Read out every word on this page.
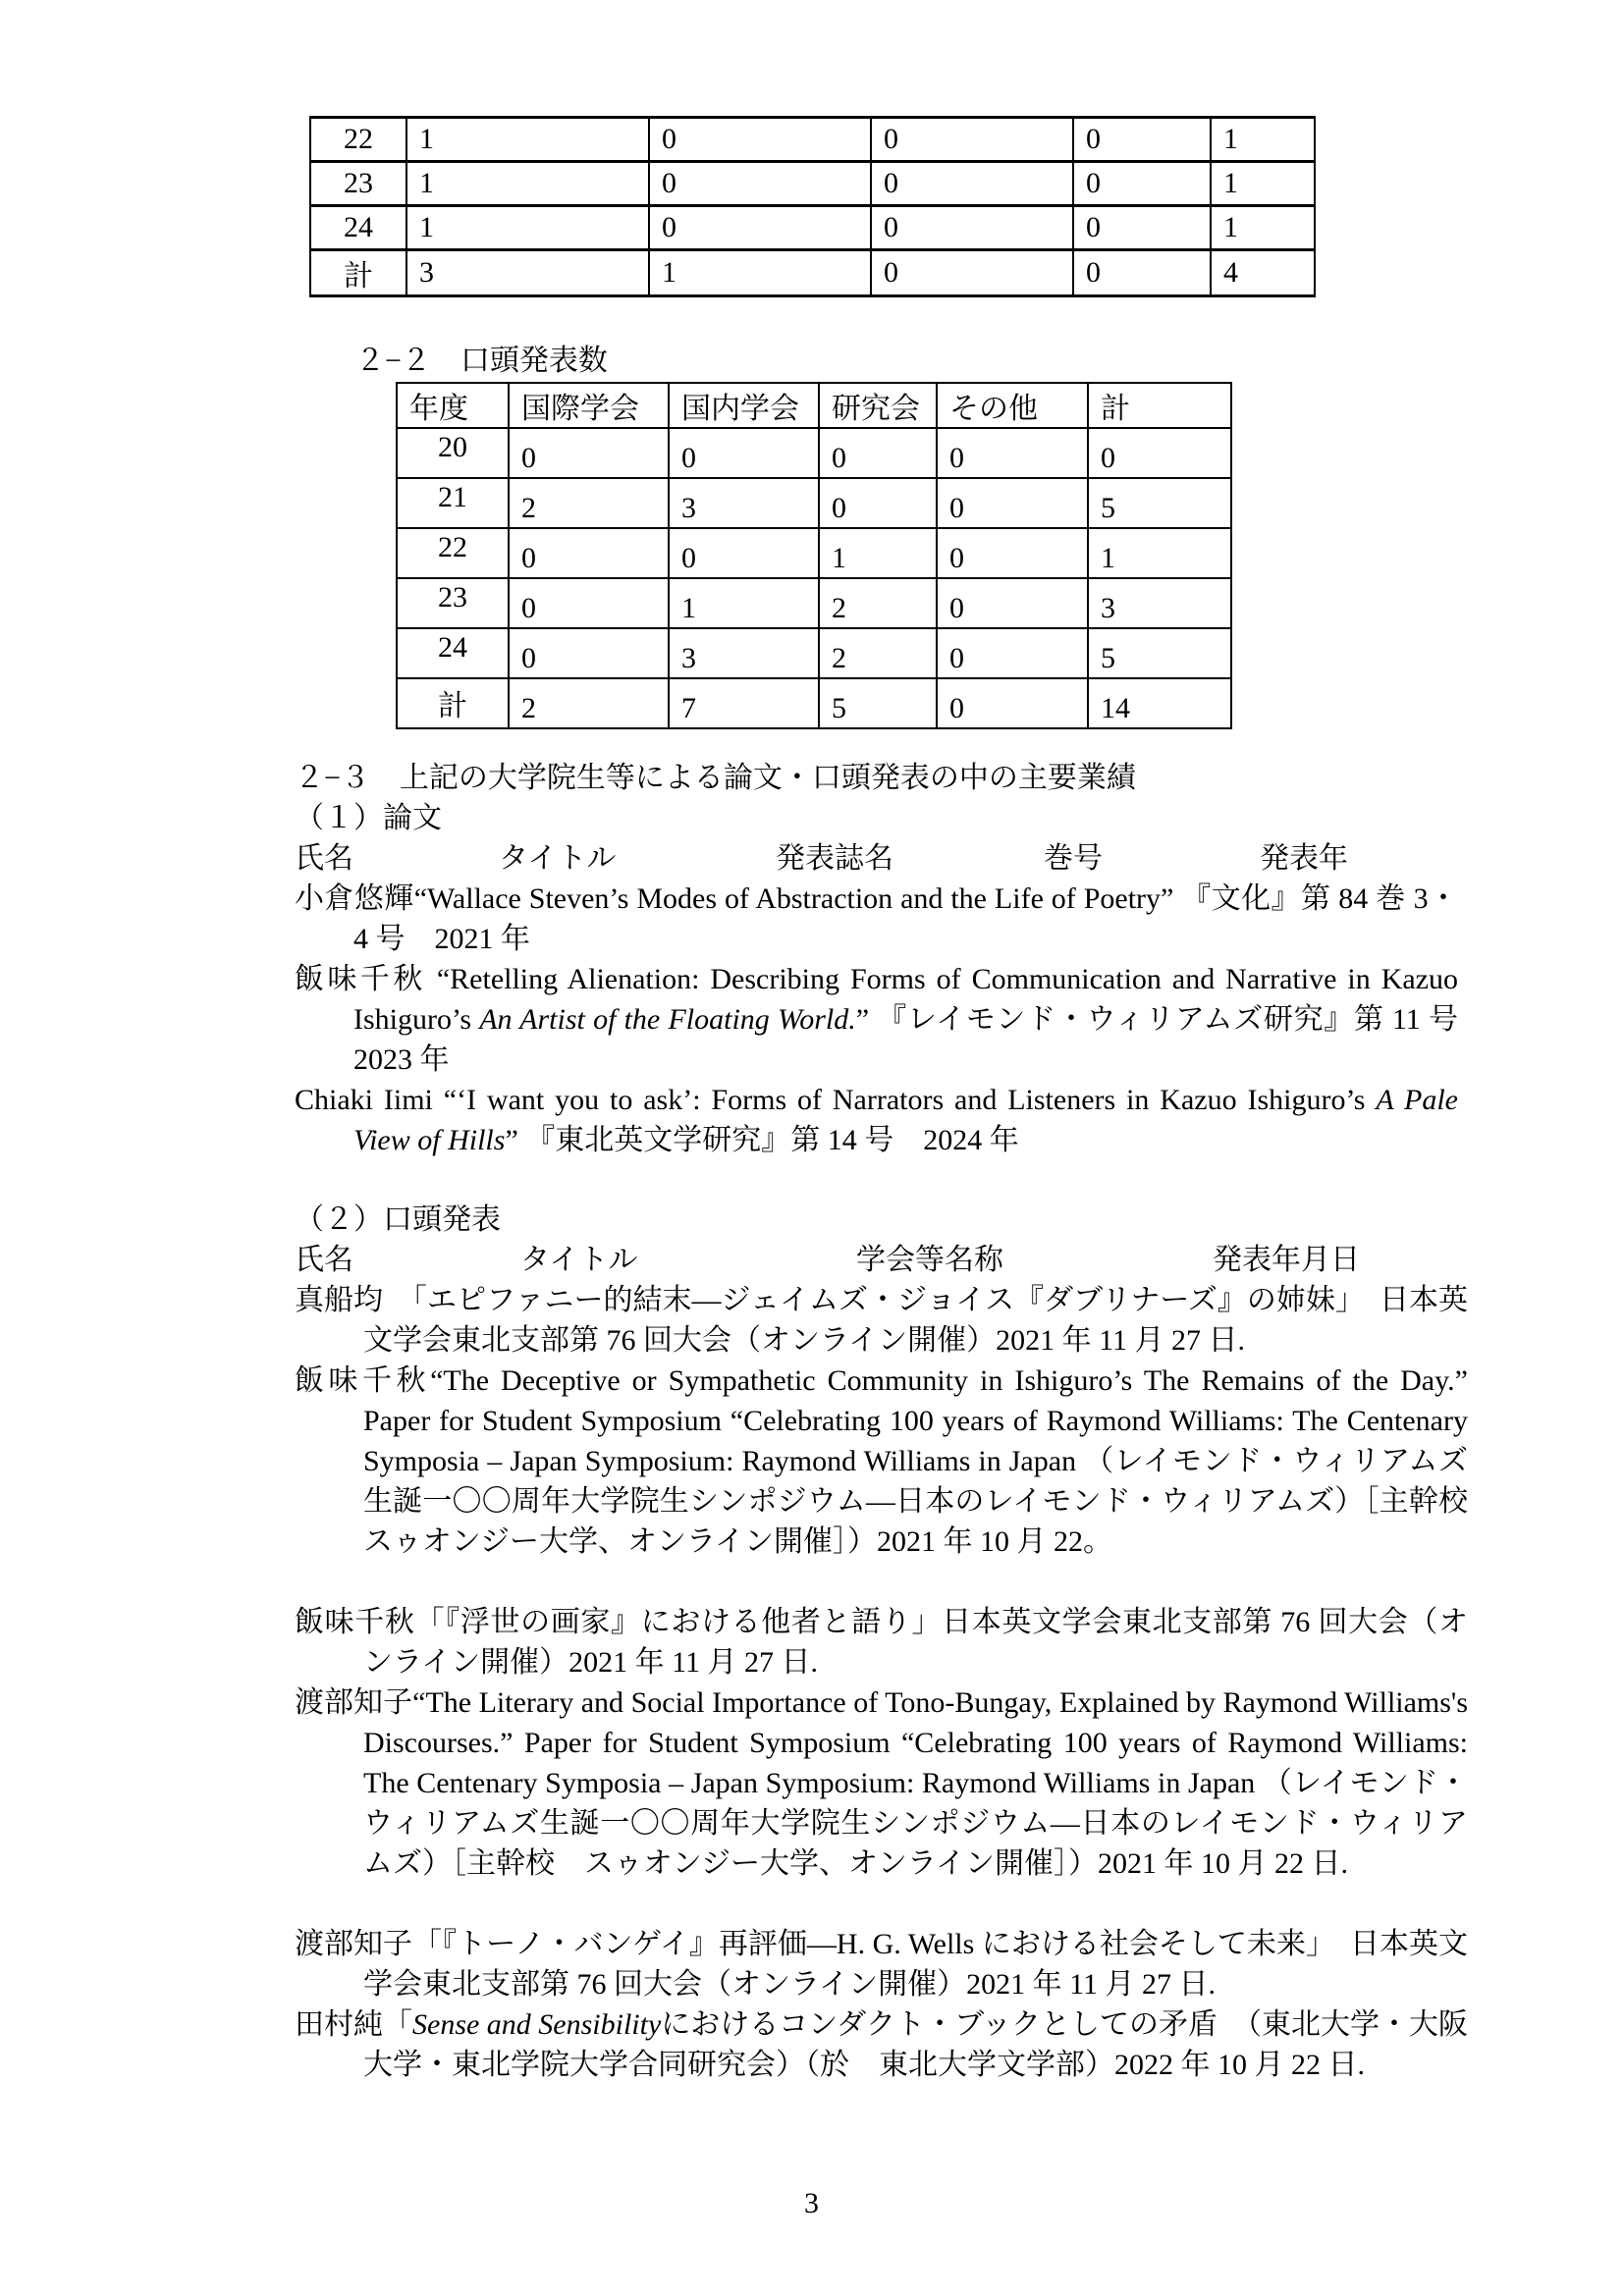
22	1	0	0	0	1
23	1	0	0	0	1
24	1	0	0	0	1
計	3	1	0	0	4
２−２　口頭発表数
年度	国際学会	国内学会	研究会	その他	計
20	0	0	0	0	0
21	2	3	0	0	5
22	0	0	1	0	1
23	0	1	2	0	3
24	0	3	2	0	5
計	2	7	5	0	14
２−３　上記の大学院生等による論文・口頭発表の中の主要業績
（１）論文
氏名	タイトル	発表誌名	巻号	発表年
小倉悠輝“Wallace Steven’s Modes of Abstraction and the Life of Poetry” 『文化』第 84 巻 3・4 号　2021 年
飯味千秋 “Retelling Alienation: Describing Forms of Communication and Narrative in Kazuo Ishiguro’s An Artist of the Floating World.” 『レイモンド・ウィリアムズ研究』第 11 号 2023 年
Chiaki Iimi “‘I want you to ask’: Forms of Narrators and Listeners in Kazuo Ishiguro’s A Pale View of Hills” 『東北英文学研究』第 14 号　2024 年
（２）口頭発表
氏名	タイトル	学会等名称	発表年月日
真船均　「エピファニー的結末—ジェイムズ・ジョイス『ダブリナーズ』の姉妹」　日本英文学会東北支部第 76 回大会（オンライン開催）2021 年 11 月 27 日.
飯味千秋“The Deceptive or Sympathetic Community in Ishiguro’s The Remains of the Day.” Paper for Student Symposium “Celebrating 100 years of Raymond Williams: The Centenary Symposia – Japan Symposium: Raymond Williams in Japan （レイモンド・ウィリアムズ生誕一〇〇周年大学院生シンポジウム—日本のレイモンド・ウィリアムズ）［主幹校 スゥオンジー大学、オンライン開催］）2021 年 10 月 22。
飯味千秋「『浮世の画家』における他者と語り」日本英文学会東北支部第 76 回大会（オンライン開催）2021 年 11 月 27 日.
渡部知子“The Literary and Social Importance of Tono-Bungay, Explained by Raymond Williams's Discourses.” Paper for Student Symposium “Celebrating 100 years of Raymond Williams: The Centenary Symposia – Japan Symposium: Raymond Williams in Japan （レイモンド・ウィリアムズ生誕一〇〇周年大学院生シンポジウム—日本のレイモンド・ウィリアムズ）［主幹校　スゥオンジー大学、オンライン開催］）2021 年 10 月 22 日.
渡部知子「『トーノ・バンゲイ』再評価—H. G. Wells における社会そして未来」　日本英文学会東北支部第 76 回大会（オンライン開催）2021 年 11 月 27 日.
田村純「Sense and Sensibilityにおけるコンダクト・ブックとしての矛盾　（東北大学・大阪大学・東北学院大学合同研究会）（於　東北大学文学部）2022 年 10 月 22 日.
3
